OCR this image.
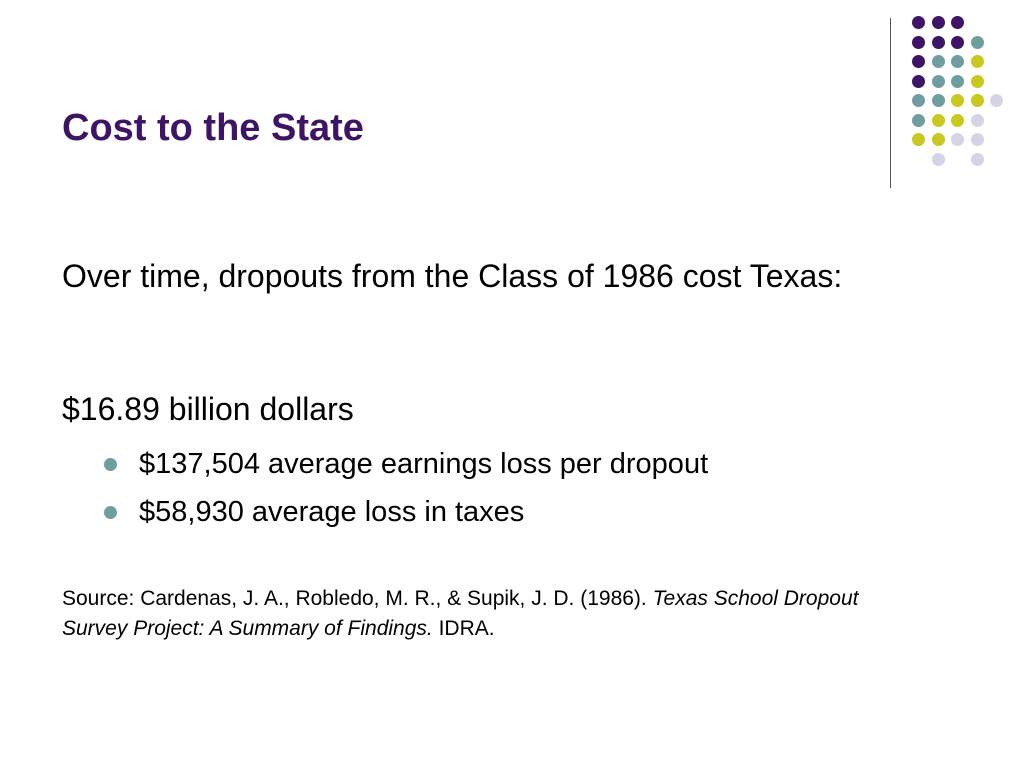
Cost to the State
Over time, dropouts from the Class of 1986 cost Texas:
$16.89 billion dollars
$137,504 average earnings loss per dropout
$58,930 average loss in taxes
Source: Cardenas, J. A., Robledo, M. R., & Supik, J. D. (1986). Texas School Dropout Survey Project: A Summary of Findings. IDRA.
